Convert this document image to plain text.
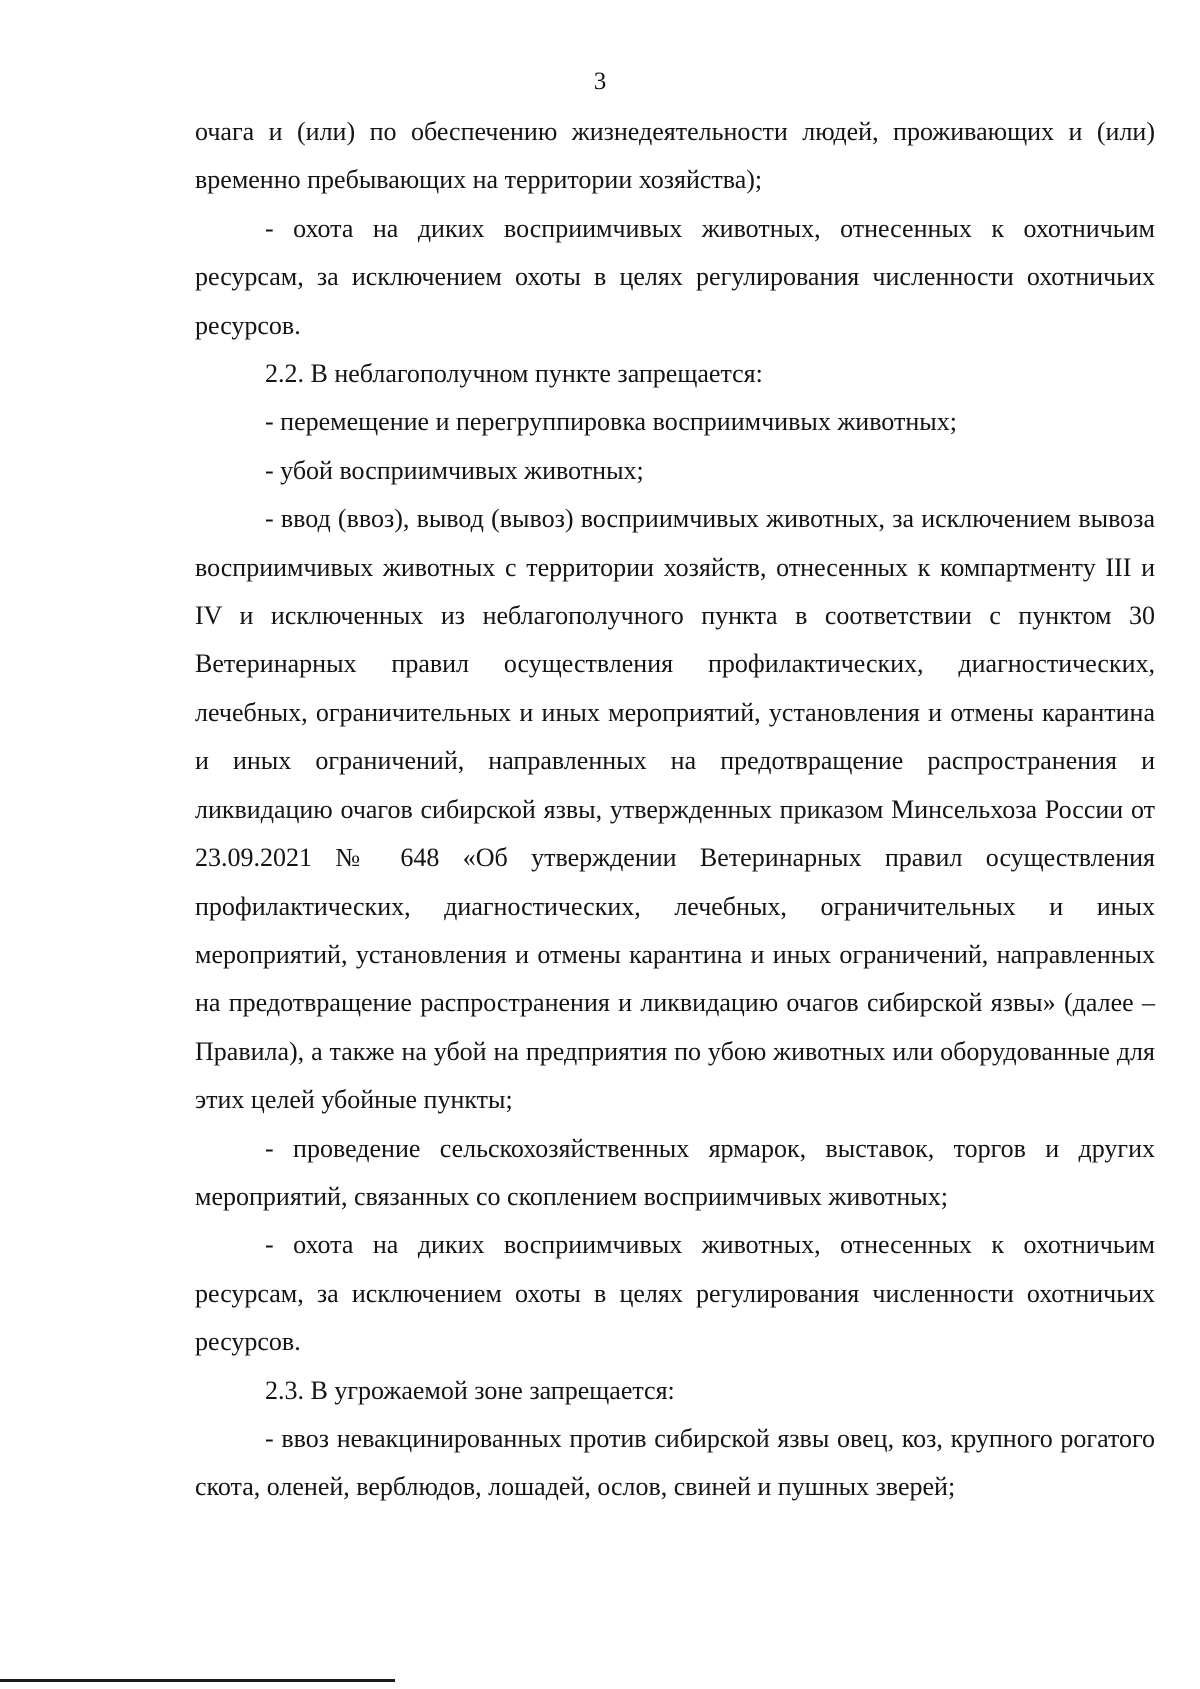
3

очага и (или) по обеспечению жизнедеятельности людей, проживающих и (или) временно пребывающих на территории хозяйства);

- охота на диких восприимчивых животных, отнесенных к охотничьим ресурсам, за исключением охоты в целях регулирования численности охотничьих ресурсов.

2.2. В неблагополучном пункте запрещается:

- перемещение и перегруппировка восприимчивых животных;

- убой восприимчивых животных;

- ввод (ввоз), вывод (вывоз) восприимчивых животных, за исключением вывоза восприимчивых животных с территории хозяйств, отнесенных к компартменту III и IV и исключенных из неблагополучного пункта в соответствии с пунктом 30 Ветеринарных правил осуществления профилактических, диагностических, лечебных, ограничительных и иных мероприятий, установления и отмены карантина и иных ограничений, направленных на предотвращение распространения и ликвидацию очагов сибирской язвы, утвержденных приказом Минсельхоза России от 23.09.2021 № 648 «Об утверждении Ветеринарных правил осуществления профилактических, диагностических, лечебных, ограничительных и иных мероприятий, установления и отмены карантина и иных ограничений, направленных на предотвращение распространения и ликвидацию очагов сибирской язвы» (далее – Правила), а также на убой на предприятия по убою животных или оборудованные для этих целей убойные пункты;

- проведение сельскохозяйственных ярмарок, выставок, торгов и других мероприятий, связанных со скоплением восприимчивых животных;

- охота на диких восприимчивых животных, отнесенных к охотничьим ресурсам, за исключением охоты в целях регулирования численности охотничьих ресурсов.

2.3. В угрожаемой зоне запрещается:

- ввоз невакцинированных против сибирской язвы овец, коз, крупного рогатого скота, оленей, верблюдов, лошадей, ослов, свиней и пушных зверей;
